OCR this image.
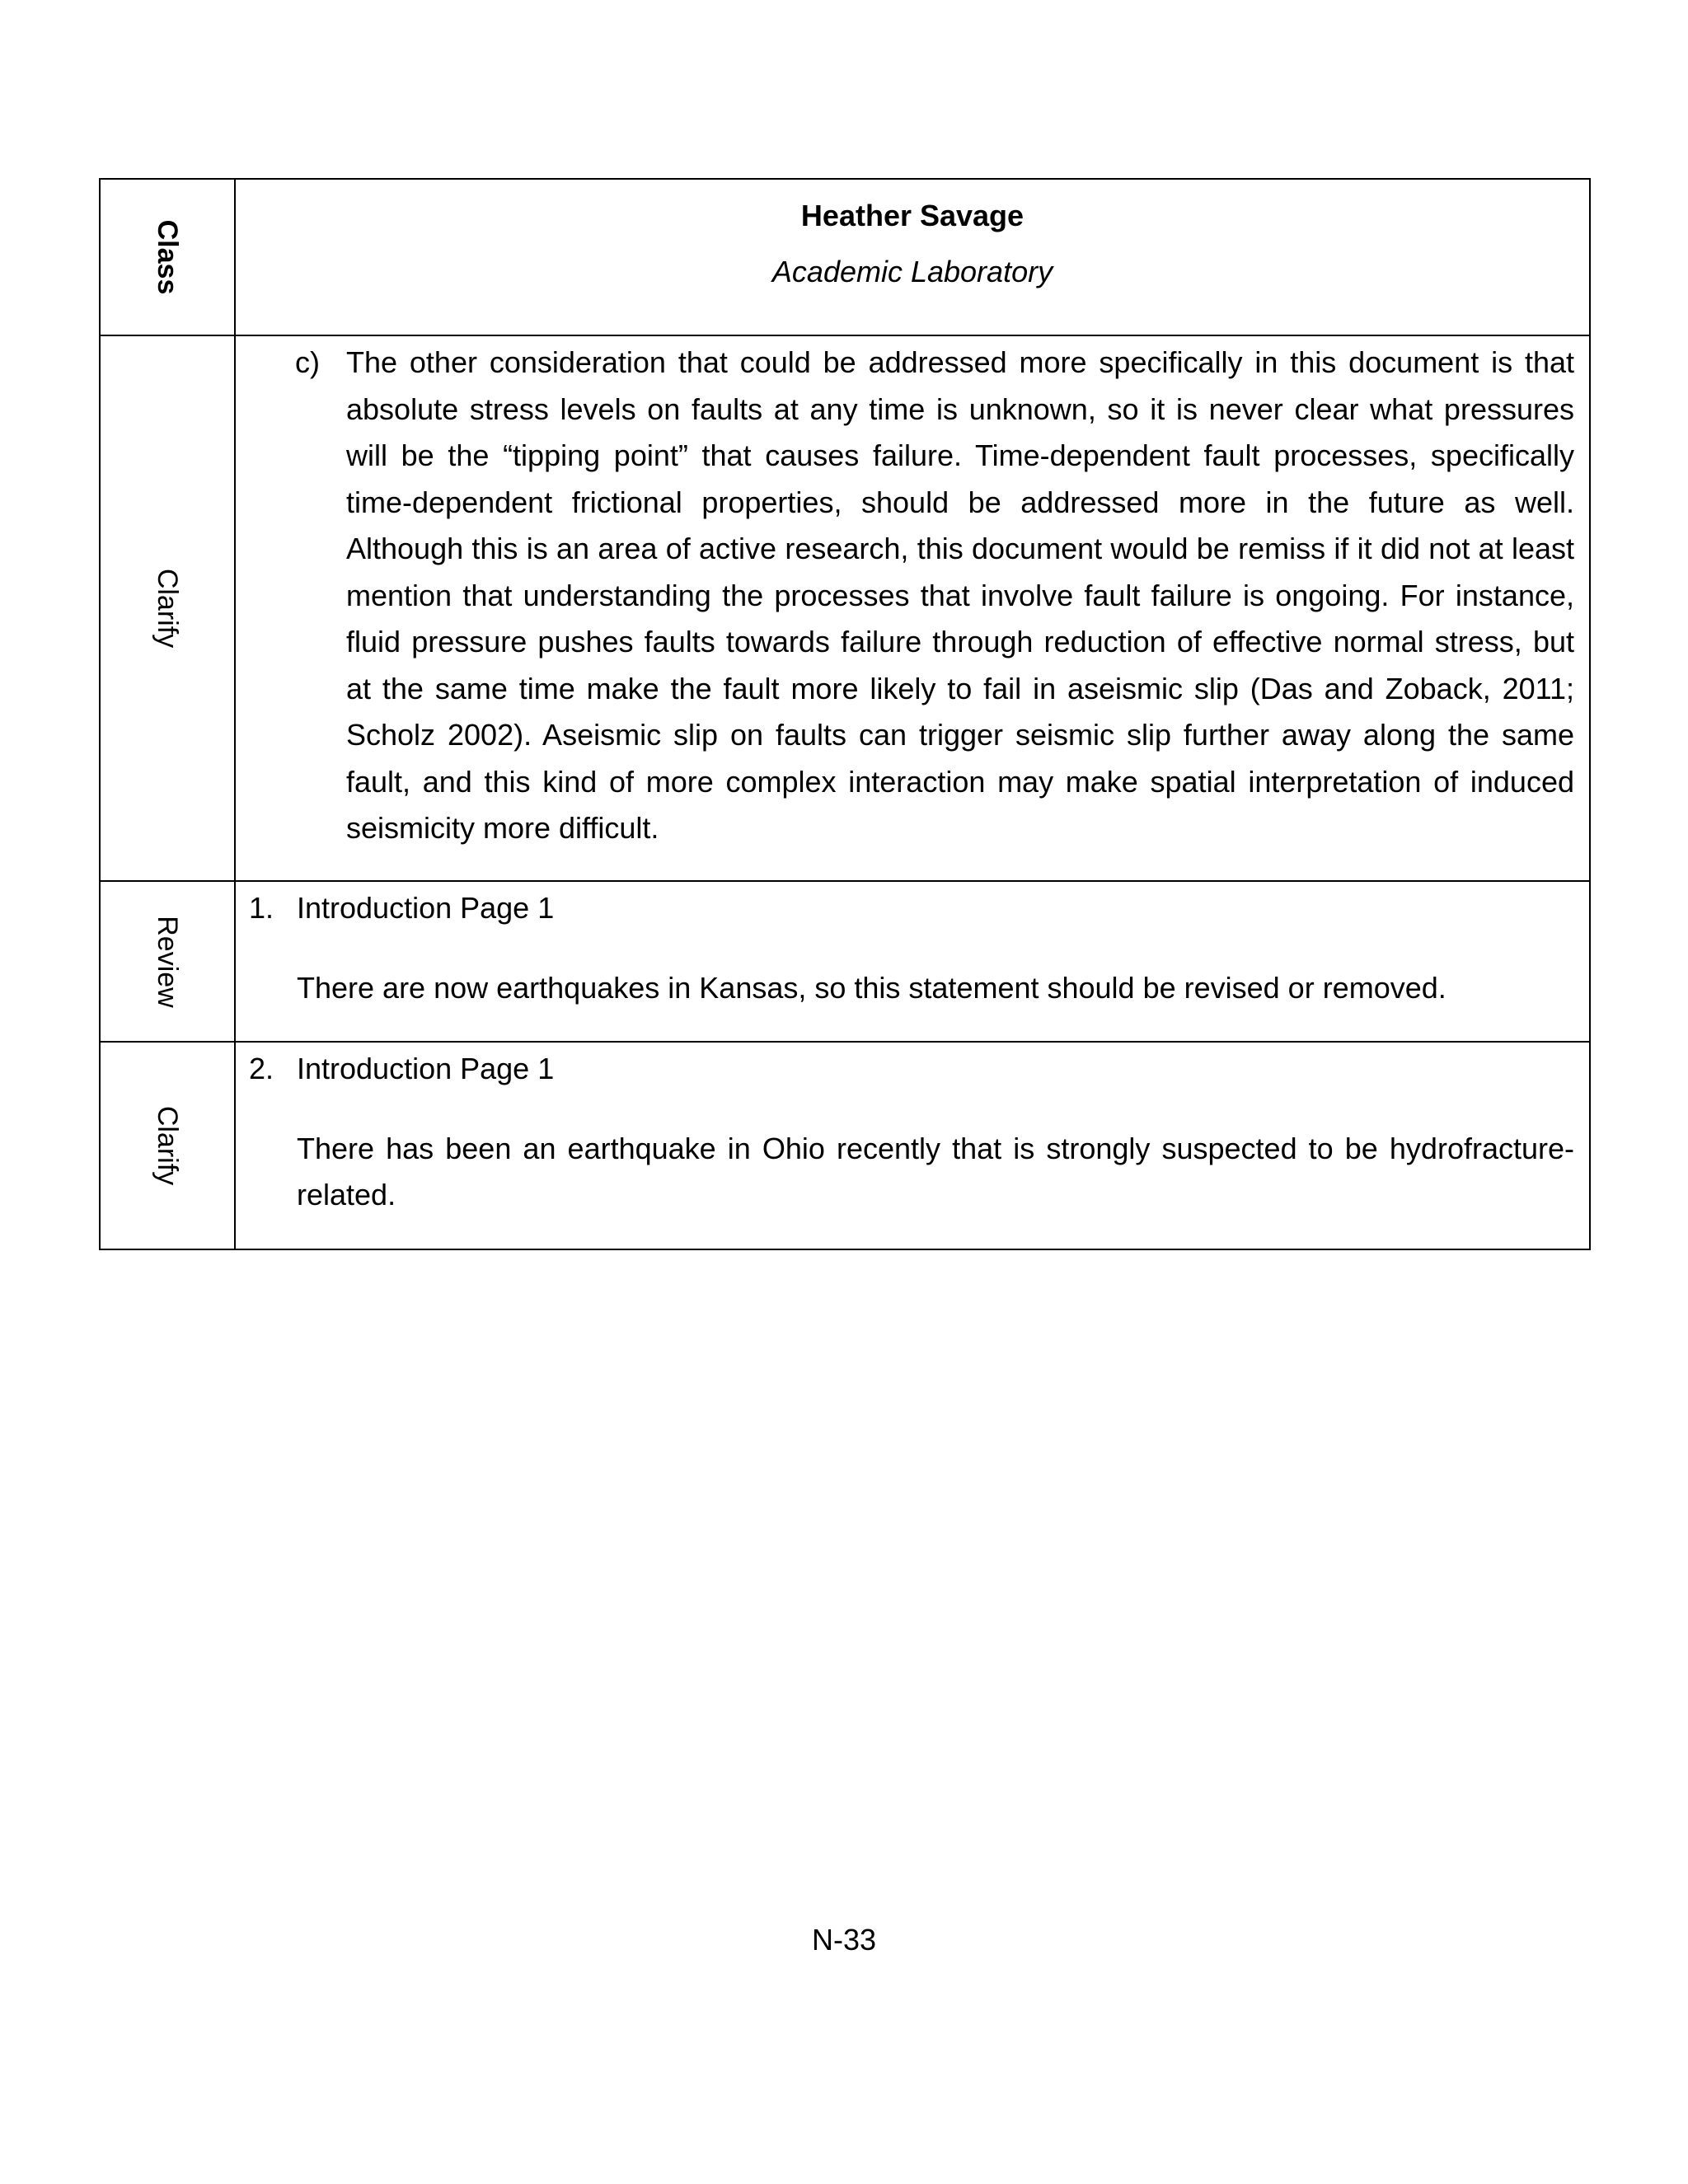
Class	Heather Savage
Academic Laboratory

Clarify	c) The other consideration that could be addressed more specifically in this document is that absolute stress levels on faults at any time is unknown, so it is never clear what pressures will be the “tipping point” that causes failure. Time-dependent fault processes, specifically time-dependent frictional properties, should be addressed more in the future as well. Although this is an area of active research, this document would be remiss if it did not at least mention that understanding the processes that involve fault failure is ongoing. For instance, fluid pressure pushes faults towards failure through reduction of effective normal stress, but at the same time make the fault more likely to fail in aseismic slip (Das and Zoback, 2011; Scholz 2002). Aseismic slip on faults can trigger seismic slip further away along the same fault, and this kind of more complex interaction may make spatial interpretation of induced seismicity more difficult.

Review	1. Introduction Page 1
There are now earthquakes in Kansas, so this statement should be revised or removed.

Clarify	2. Introduction Page 1
There has been an earthquake in Ohio recently that is strongly suspected to be hydrofracture-related.
N-33
